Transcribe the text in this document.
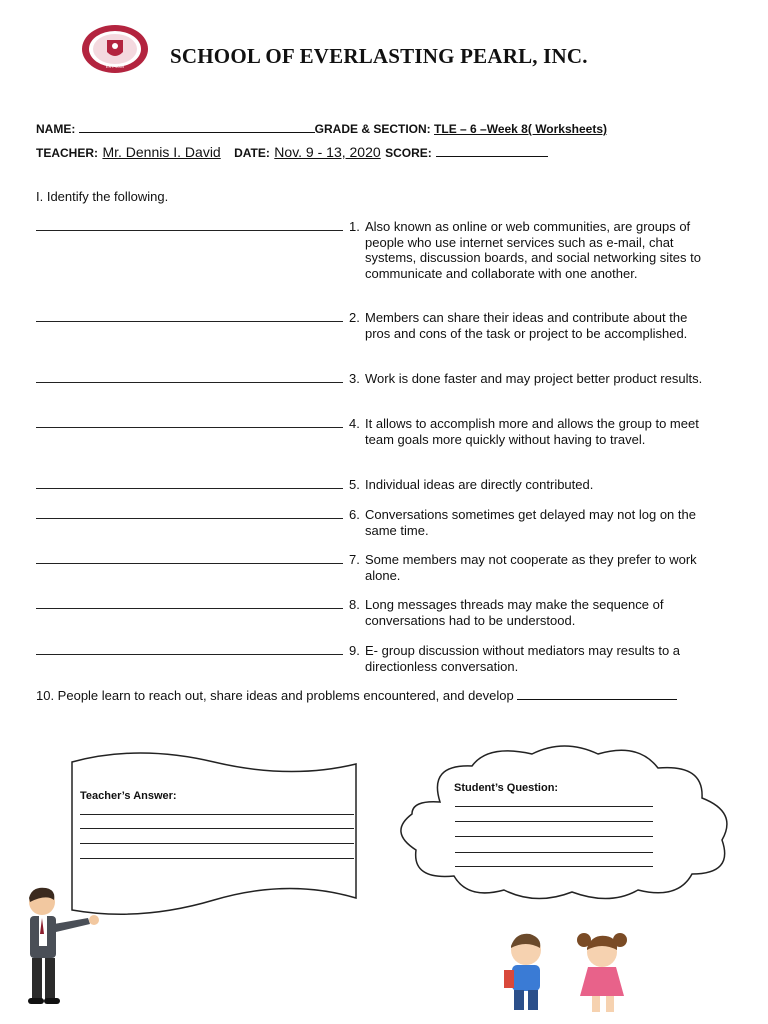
EST. 2009 SCHOOL OF EVERLASTING PEARL, INC.
NAME:	GRADE & SECTION: TLE – 6 –Week 8( Worksheets)
TEACHER: Mr. Dennis I. David DATE: Nov. 9 - 13, 2020 SCORE:
I. Identify the following.
1. Also known as online or web communities, are groups of people who use internet services such as e-mail, chat systems, discussion boards, and social networking sites to communicate and collaborate with one another.
2. Members can share their ideas and contribute about the pros and cons of the task or project to be accomplished.
3. Work is done faster and may project better product results.
4. It allows to accomplish more and allows the group to meet team goals more quickly without having to travel.
5. Individual ideas are directly contributed.
6. Conversations sometimes get delayed may not log on the same time.
7. Some members may not cooperate as they prefer to work alone.
8. Long messages threads may make the sequence of conversations had to be understood.
9. E- group discussion without mediators may results to a directionless conversation.
10. People learn to reach out, share ideas and problems encountered, and develop
Teacher’s Answer:
Student’s Question:
